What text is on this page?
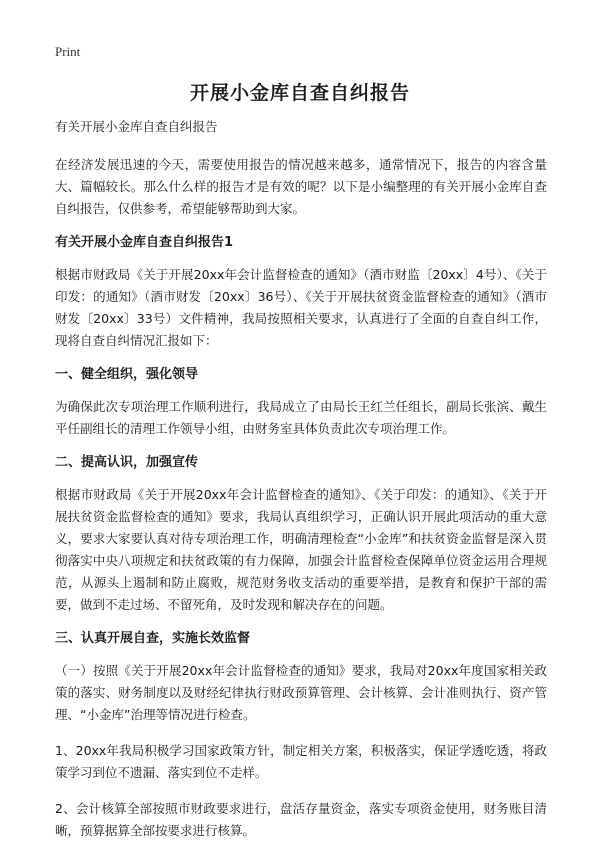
Print
开展小金库自查自纠报告

有关开展小金库自查自纠报告

在经济发展迅速的今天，需要使用报告的情况越来越多，通常情况下，报告的内容含量大、篇幅较长。那么什么样的报告才是有效的呢？以下是小编整理的有关开展小金库自查自纠报告，仅供参考，希望能够帮助到大家。

有关开展小金库自查自纠报告1

根据市财政局《关于开展20xx年会计监督检查的通知》（酒市财监〔20xx〕4号）、《关于印发：的通知》（酒市财发〔20xx〕36号）、《关于开展扶贫资金监督检查的通知》（酒市财发〔20xx〕33号）文件精神，我局按照相关要求，认真进行了全面的自查自纠工作，现将自查自纠情况汇报如下：

一、健全组织，强化领导

为确保此次专项治理工作顺利进行，我局成立了由局长王红兰任组长，副局长张滨、戴生平任副组长的清理工作领导小组，由财务室具体负责此次专项治理工作。

二、提高认识，加强宣传

根据市财政局《关于开展20xx年会计监督检查的通知》、《关于印发：的通知》、《关于开展扶贫资金监督检查的通知》要求，我局认真组织学习，正确认识开展此项活动的重大意义，要求大家要认真对待专项治理工作，明确清理检查“小金库”和扶贫资金监督是深入贯彻落实中央八项规定和扶贫政策的有力保障，加强会计监督检查保障单位资金运用合理规范，从源头上遏制和防止腐败，规范财务收支活动的重要举措，是教育和保护干部的需要，做到不走过场、不留死角，及时发现和解决存在的问题。

三、认真开展自查，实施长效监督

（一）按照《关于开展20xx年会计监督检查的通知》要求，我局对20xx年度国家相关政策的落实、财务制度以及财经纪律执行财政预算管理、会计核算、会计准则执行、资产管理、“小金库”治理等情况进行检查。

1、20xx年我局积极学习国家政策方针，制定相关方案，积极落实，保证学透吃透，将政策学习到位不遗漏、落实到位不走样。

2、会计核算全部按照市财政要求进行，盘活存量资金，落实专项资金使用，财务账目清晰，预算据算全部按要求进行核算。
